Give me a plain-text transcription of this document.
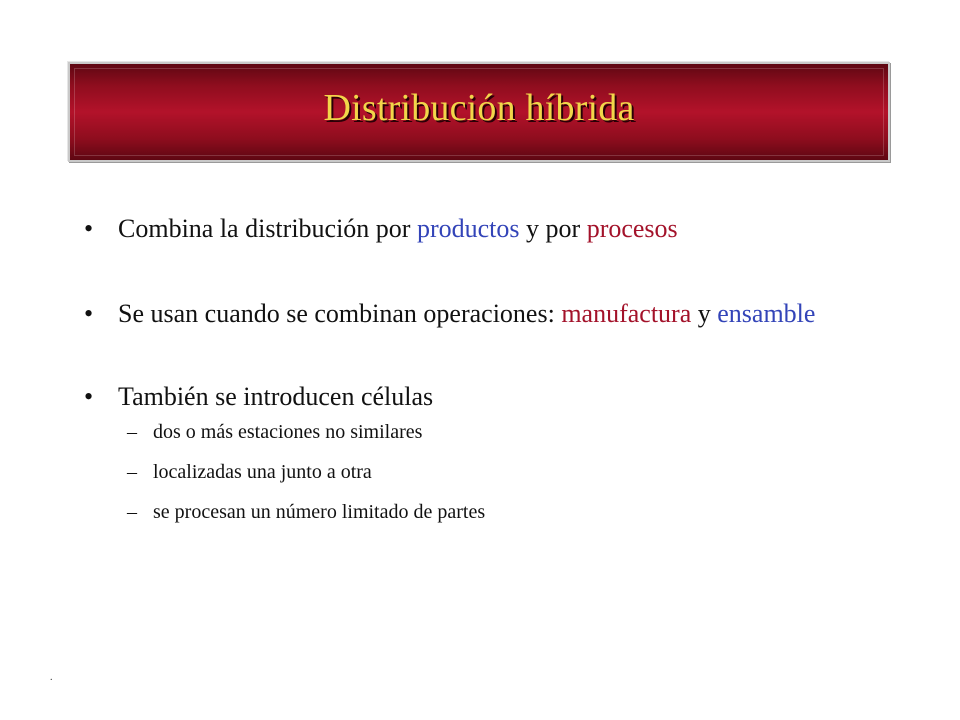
Distribución híbrida
• Combina la distribución por productos y por procesos
• Se usan cuando se combinan operaciones: manufactura y ensamble
• También se introducen células
– dos o más estaciones no similares
– localizadas una junto a otra
– se procesan un número limitado de partes
.
